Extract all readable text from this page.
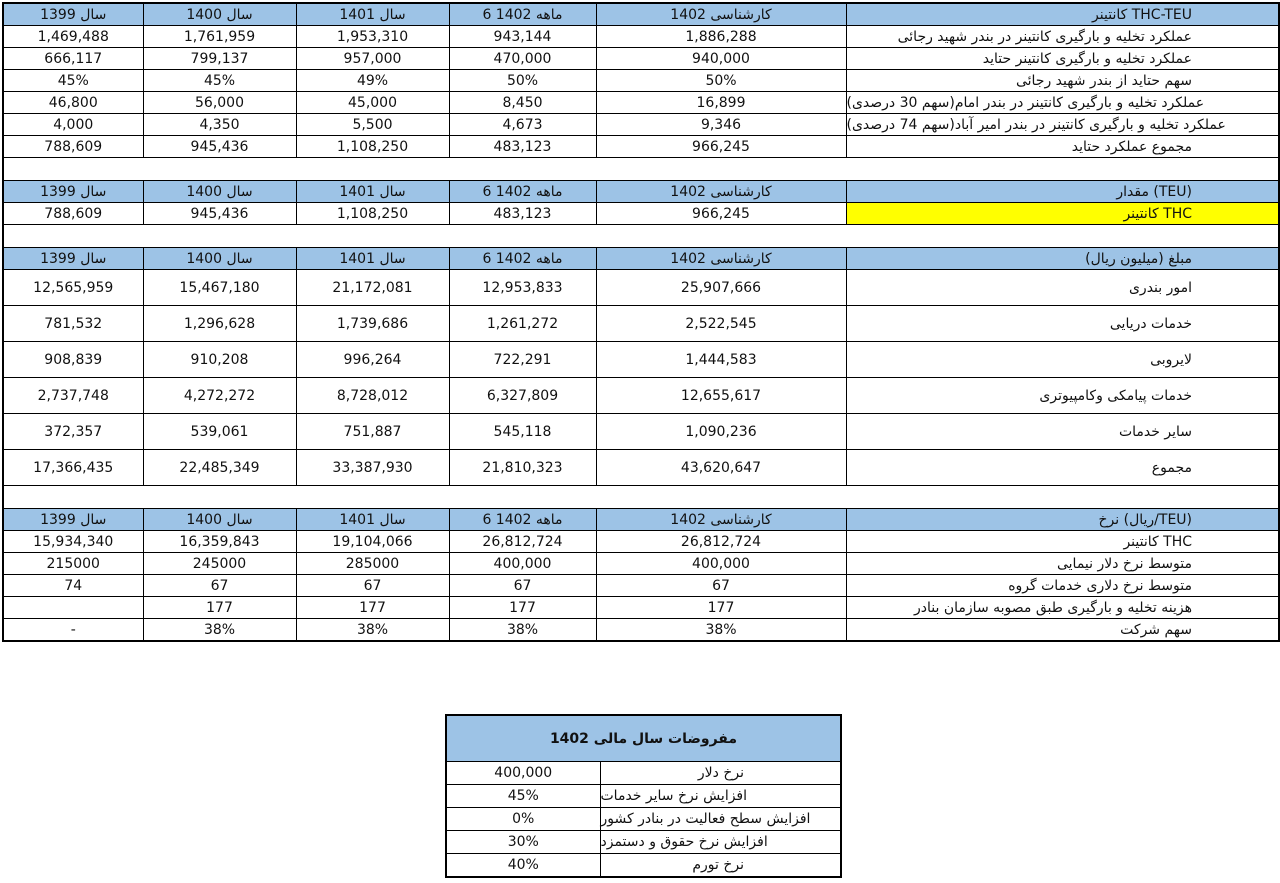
سال 1399	سال 1400	سال 1401	6 ماهه 1402	کارشناسی 1402	کانتینر THC-TEU
1,469,488	1,761,959	1,953,310	943,144	1,886,288	عملکرد تخلیه و بارگیری کانتینر در بندر شهید رجائی
666,117	799,137	957,000	470,000	940,000	عملکرد تخلیه و بارگیری کانتینر حتاید
45%	45%	49%	50%	50%	سهم حتاید از بندر شهید رجائی
46,800	56,000	45,000	8,450	16,899	عملکرد تخلیه و بارگیری کانتینر در بندر امام(سهم 30 درصدی)
4,000	4,350	5,500	4,673	9,346	عملکرد تخلیه و بارگیری کانتینر در بندر امیر آباد(سهم 74 درصدی)
788,609	945,436	1,108,250	483,123	966,245	مجموع عملکرد حتاید

سال 1399	سال 1400	سال 1401	6 ماهه 1402	کارشناسی 1402	مقدار (TEU)
788,609	945,436	1,108,250	483,123	966,245	کانتینر THC

سال 1399	سال 1400	سال 1401	6 ماهه 1402	کارشناسی 1402	مبلغ (میلیون ریال)
12,565,959	15,467,180	21,172,081	12,953,833	25,907,666	امور بندری
781,532	1,296,628	1,739,686	1,261,272	2,522,545	خدمات دریایی
908,839	910,208	996,264	722,291	1,444,583	لایروبی
2,737,748	4,272,272	8,728,012	6,327,809	12,655,617	خدمات پیامکی وکامپیوتری
372,357	539,061	751,887	545,118	1,090,236	سایر خدمات
17,366,435	22,485,349	33,387,930	21,810,323	43,620,647	مجموع

سال 1399	سال 1400	سال 1401	6 ماهه 1402	کارشناسی 1402	نرخ (ریال/TEU)
15,934,340	16,359,843	19,104,066	26,812,724	26,812,724	کانتینر THC
215000	245000	285000	400,000	400,000	متوسط نرخ دلار نیمایی
74	67	67	67	67	متوسط نرخ دلاری خدمات گروه
	177	177	177	177	هزینه تخلیه و بارگیری طبق مصوبه سازمان بنادر
-	38%	38%	38%	38%	سهم شرکت
مفروضات سال مالی 1402	
400,000	نرخ دلار
45%	افزایش نرخ سایر خدمات
0%	افزایش سطح فعالیت در بنادر کشور
30%	افزایش نرخ حقوق و دستمزد
40%	نرخ تورم
